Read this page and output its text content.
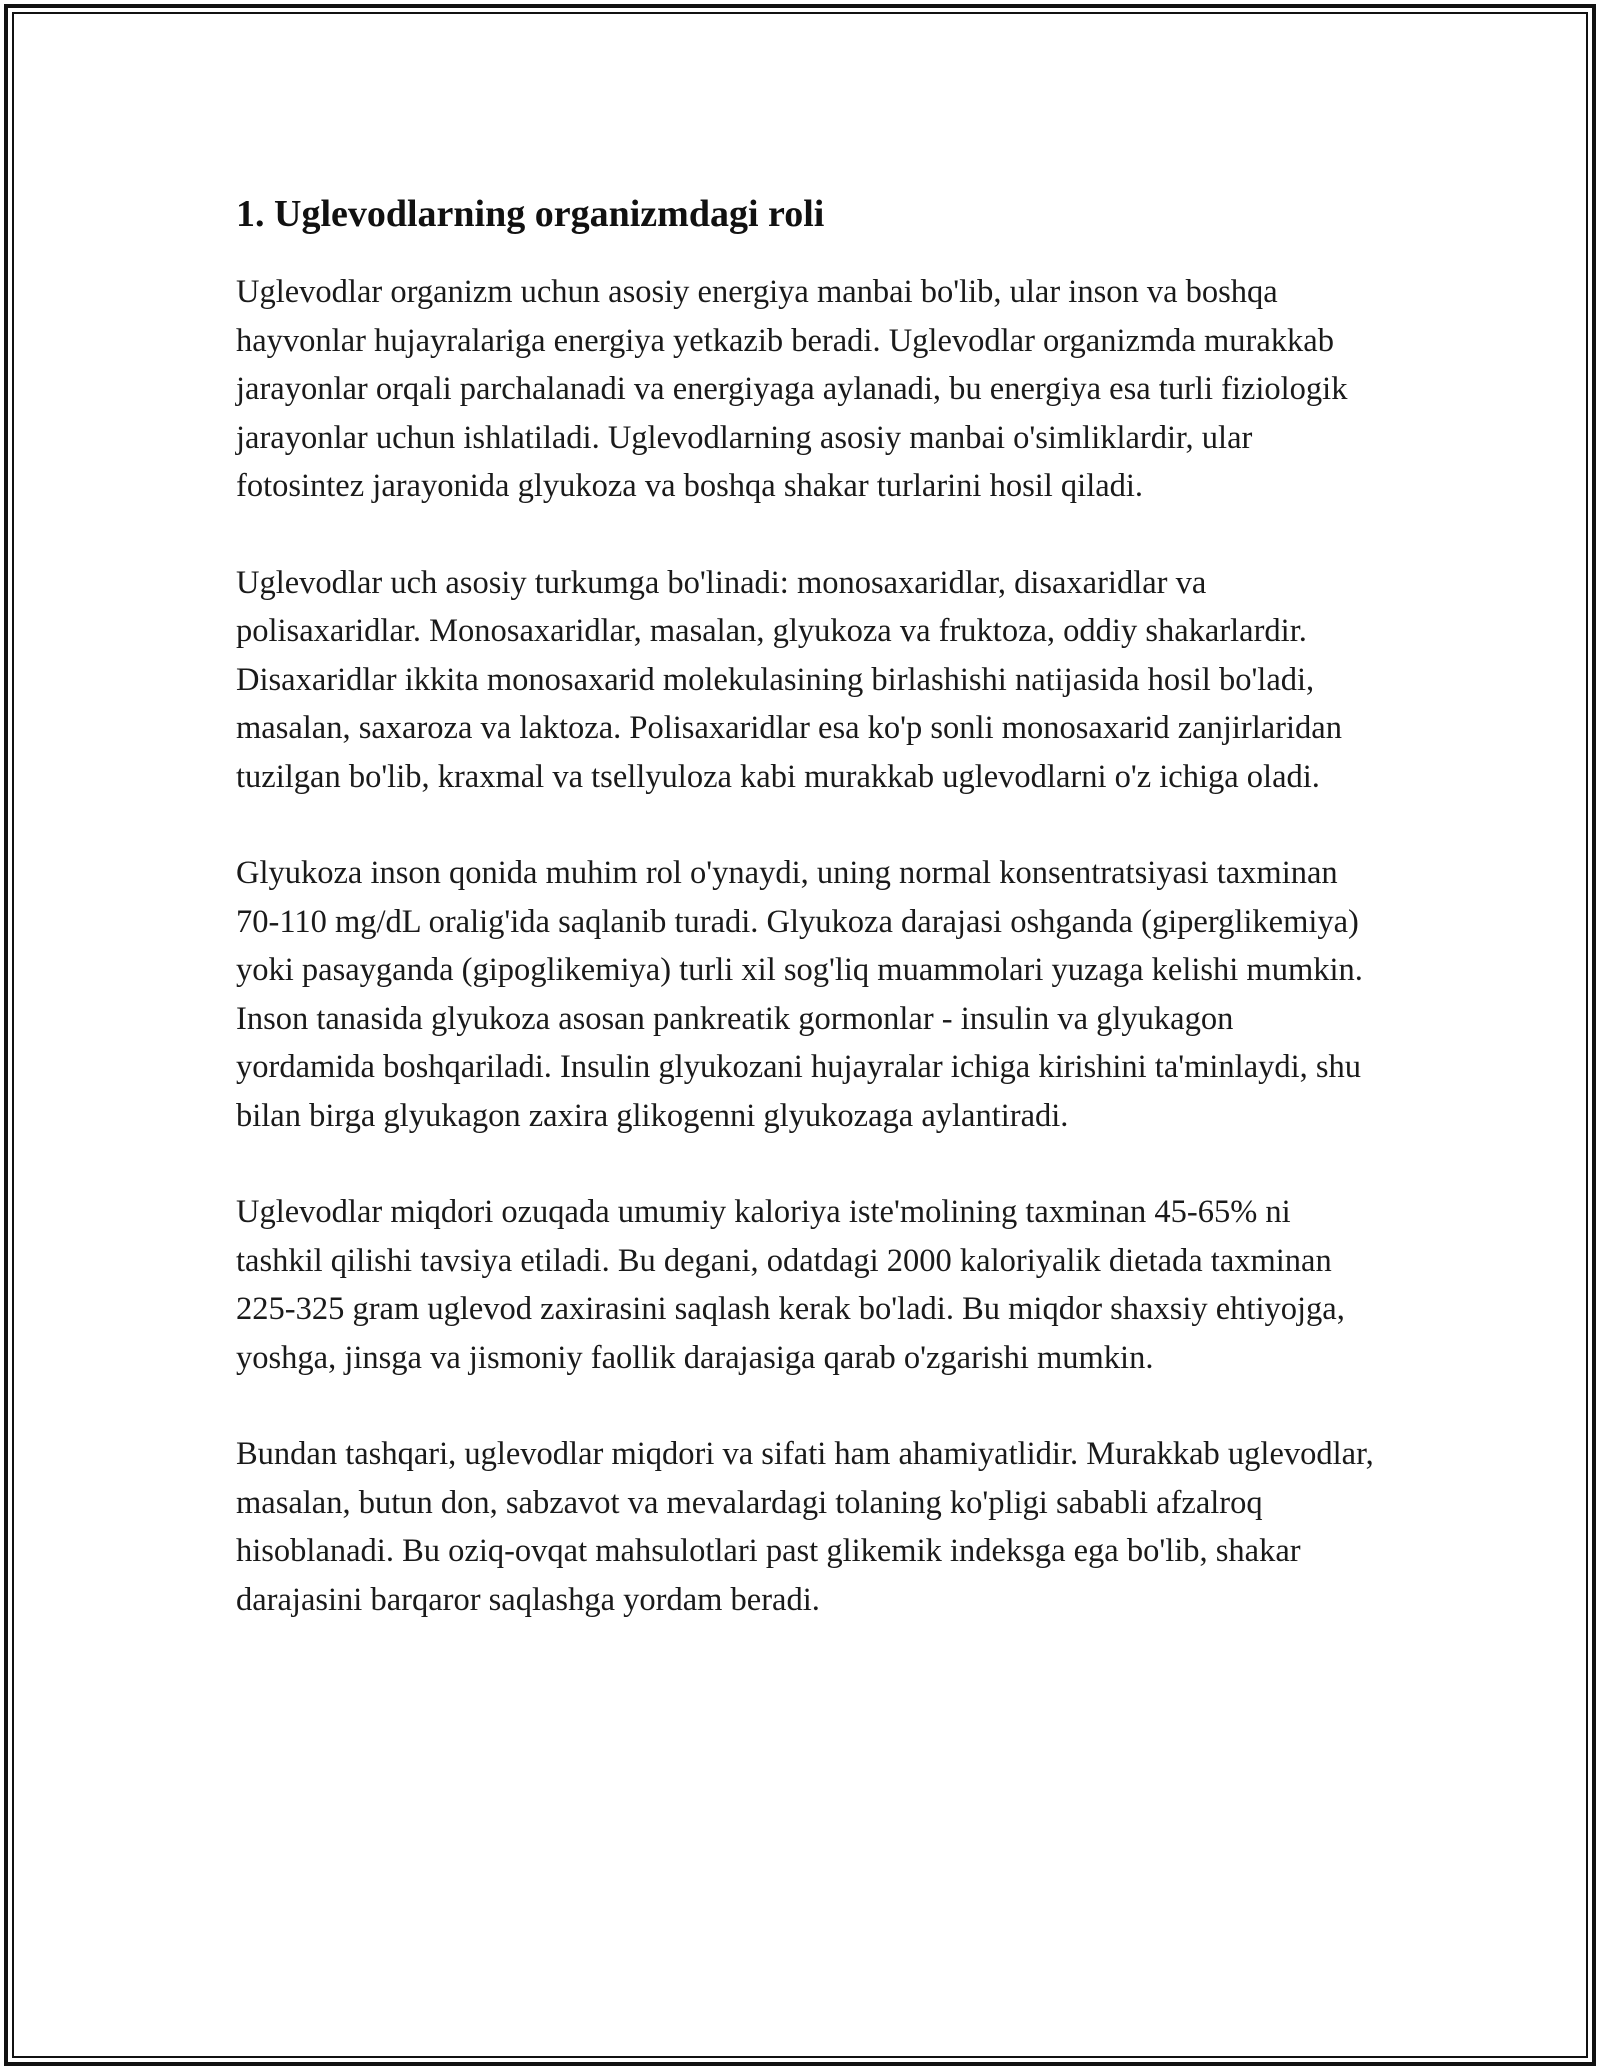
1. Uglevodlarning organizmdagi roli

Uglevodlar organizm uchun asosiy energiya manbai bo'lib, ular inson va boshqa hayvonlar hujayralariga energiya yetkazib beradi. Uglevodlar organizmda murakkab jarayonlar orqali parchalanadi va energiyaga aylanadi, bu energiya esa turli fiziologik jarayonlar uchun ishlatiladi. Uglevodlarning asosiy manbai o'simliklardir, ular fotosintez jarayonida glyukoza va boshqa shakar turlarini hosil qiladi.

Uglevodlar uch asosiy turkumga bo'linadi: monosaxaridlar, disaxaridlar va polisaxaridlar. Monosaxaridlar, masalan, glyukoza va fruktoza, oddiy shakarlardir. Disaxaridlar ikkita monosaxarid molekulasining birlashishi natijasida hosil bo'ladi, masalan, saxaroza va laktoza. Polisaxaridlar esa ko'p sonli monosaxarid zanjirlaridan tuzilgan bo'lib, kraxmal va tsellyuloza kabi murakkab uglevodlarni o'z ichiga oladi.

Glyukoza inson qonida muhim rol o'ynaydi, uning normal konsentratsiyasi taxminan 70-110 mg/dL oralig'ida saqlanib turadi. Glyukoza darajasi oshganda (giperglikemiya) yoki pasayganda (gipoglikemiya) turli xil sog'liq muammolari yuzaga kelishi mumkin. Inson tanasida glyukoza asosan pankreatik gormonlar - insulin va glyukagon yordamida boshqariladi. Insulin glyukozani hujayralar ichiga kirishini ta'minlaydi, shu bilan birga glyukagon zaxira glikogenni glyukozaga aylantiradi.

Uglevodlar miqdori ozuqada umumiy kaloriya iste'molining taxminan 45-65% ni tashkil qilishi tavsiya etiladi. Bu degani, odatdagi 2000 kaloriyalik dietada taxminan 225-325 gram uglevod zaxirasini saqlash kerak bo'ladi. Bu miqdor shaxsiy ehtiyojga, yoshga, jinsga va jismoniy faollik darajasiga qarab o'zgarishi mumkin.

Bundan tashqari, uglevodlar miqdori va sifati ham ahamiyatlidir. Murakkab uglevodlar, masalan, butun don, sabzavot va mevalardagi tolaning ko'pligi sababli afzalroq hisoblanadi. Bu oziq-ovqat mahsulotlari past glikemik indeksga ega bo'lib, shakar darajasini barqaror saqlashga yordam beradi.
